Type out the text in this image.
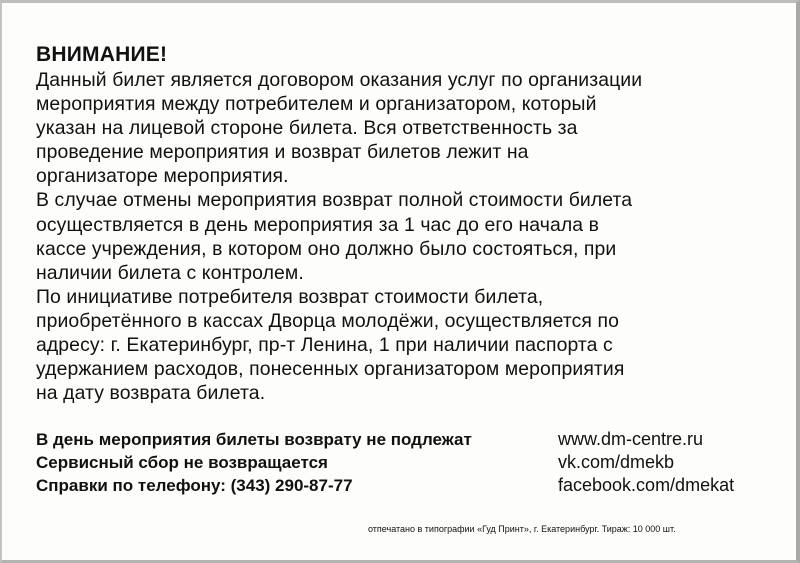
ВНИМАНИЕ!

Данный билет является договором оказания услуг по организации
мероприятия между потребителем и организатором, который
указан на лицевой стороне билета. Вся ответственность за
проведение мероприятия и возврат билетов лежит на
организаторе мероприятия.

В случае отмены мероприятия возврат полной стоимости билета
осуществляется в день мероприятия за 1 час до его начала в
кассе учреждения, в котором оно должно было состояться, при
наличии билета с контролем.

По инициативе потребителя возврат стоимости билета,
приобретённого в кассах Дворца молодёжи, осуществляется по
адресу: г. Екатеринбург, пр-т Ленина, 1 при наличии паспорта с
удержанием расходов, понесенных организатором мероприятия
на дату возврата билета.

В день мероприятия билеты возврату не подлежат
Сервисный сбор не возвращается
Справки по телефону: (343) 290-87-77
www.dm-centre.ru
vk.com/dmekb
facebook.com/dmekat
отпечатано в типографии «Гуд Принт», г. Екатеринбург. Тираж: 10 000 шт.
